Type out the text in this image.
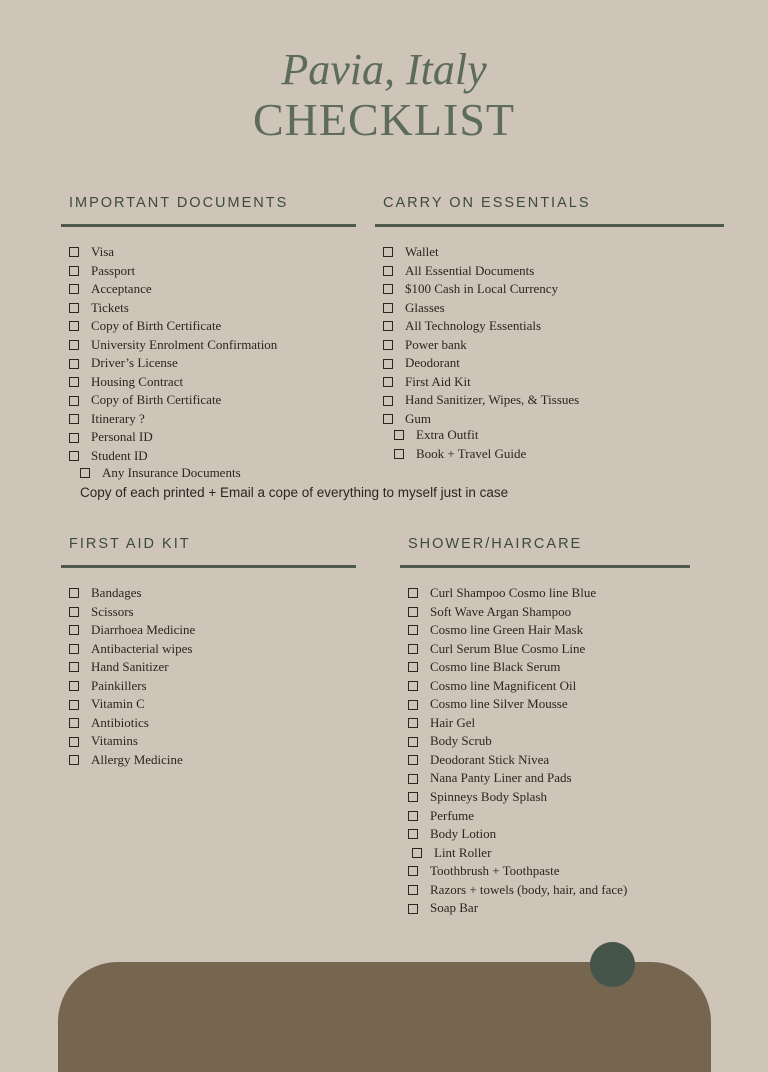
Pavia, Italy
CHECKLIST
IMPORTANT DOCUMENTS
Visa
Passport
Acceptance
Tickets
Copy of Birth Certificate
University Enrolment Confirmation
Driver’s License
Housing Contract
Copy of Birth Certificate
Itinerary ?
Personal ID
Student ID
Any Insurance Documents
CARRY ON ESSENTIALS
Wallet
All Essential Documents
$100 Cash in Local Currency
Glasses
All Technology Essentials
Power bank
Deodorant
First Aid Kit
Hand Sanitizer, Wipes, & Tissues
Gum
Extra Outfit
Book + Travel Guide
Copy of each printed + Email a cope of everything to myself just in case
FIRST AID KIT
Bandages
Scissors
Diarrhoea Medicine
Antibacterial wipes
Hand Sanitizer
Painkillers
Vitamin C
Antibiotics
Vitamins
Allergy Medicine
SHOWER/HAIRCARE
Curl Shampoo Cosmo line Blue
Soft Wave Argan Shampoo
Cosmo line Green Hair Mask
Curl Serum Blue Cosmo Line
Cosmo line Black Serum
Cosmo line Magnificent Oil
Cosmo line Silver Mousse
Hair Gel
Body Scrub
Deodorant Stick Nivea
Nana Panty Liner and Pads
Spinneys Body Splash
Perfume
Body Lotion
Lint Roller
Toothbrush + Toothpaste
Razors + towels (body, hair, and face)
Soap Bar
